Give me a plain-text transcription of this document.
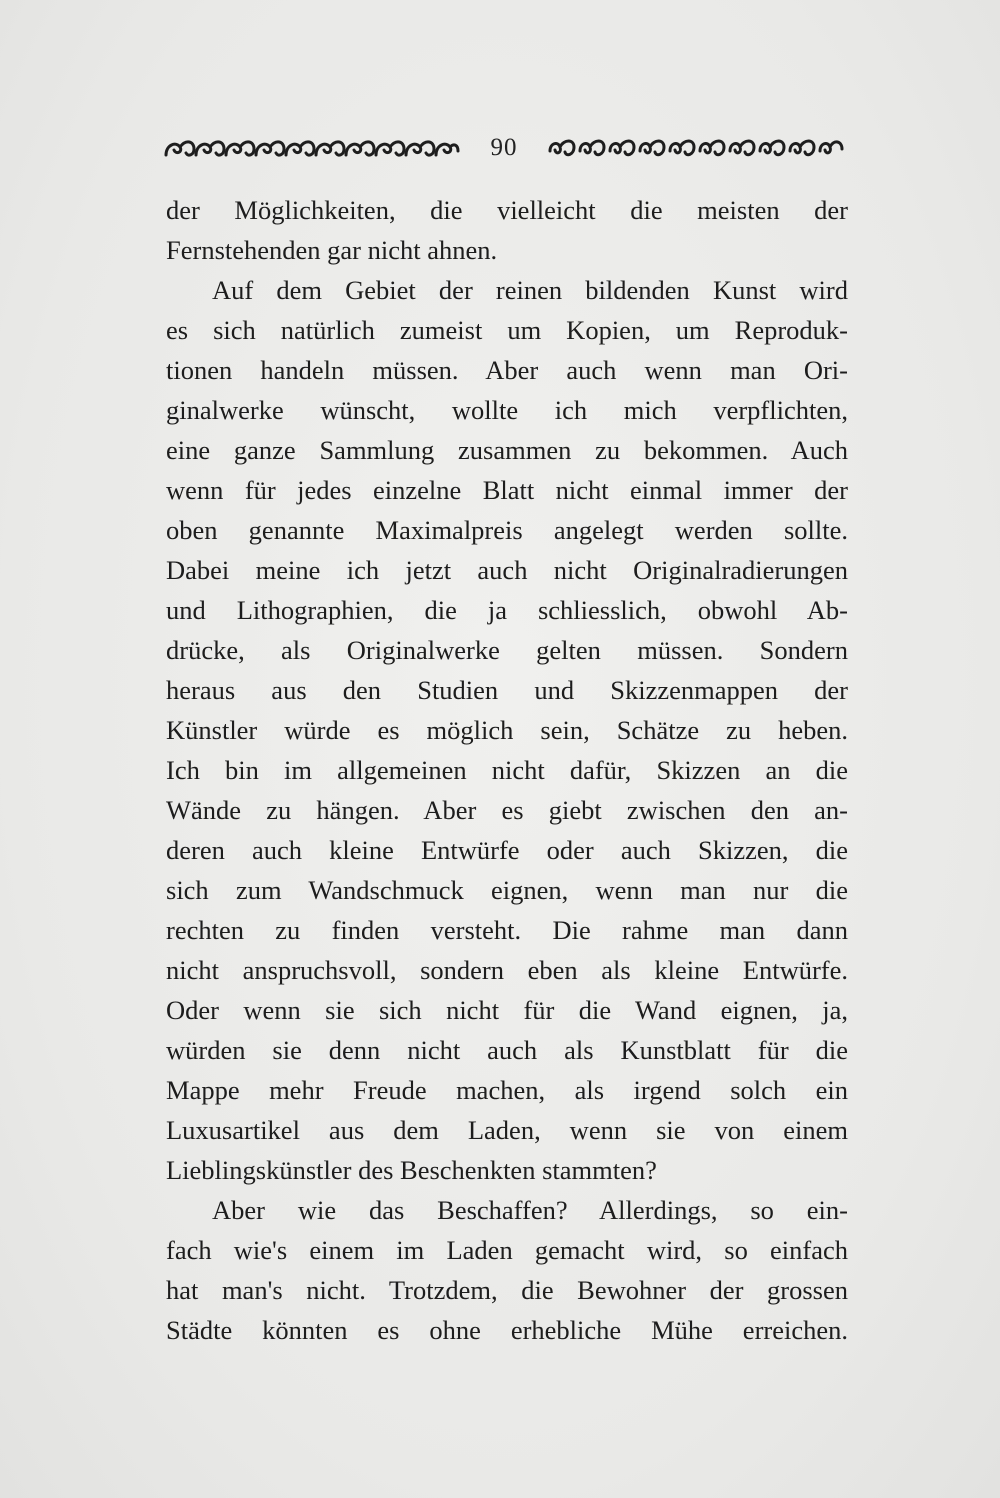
90
der Möglichkeiten, die vielleicht die meisten der
Fernstehenden gar nicht ahnen.
Auf dem Gebiet der reinen bildenden Kunst wird
es sich natürlich zumeist um Kopien, um Reproduk-
tionen handeln müssen. Aber auch wenn man Ori-
ginalwerke wünscht, wollte ich mich verpflichten,
eine ganze Sammlung zusammen zu bekommen. Auch
wenn für jedes einzelne Blatt nicht einmal immer der
oben genannte Maximalpreis angelegt werden sollte.
Dabei meine ich jetzt auch nicht Originalradierungen
und Lithographien, die ja schliesslich, obwohl Ab-
drücke, als Originalwerke gelten müssen. Sondern
heraus aus den Studien und Skizzenmappen der
Künstler würde es möglich sein, Schätze zu heben.
Ich bin im allgemeinen nicht dafür, Skizzen an die
Wände zu hängen. Aber es giebt zwischen den an-
deren auch kleine Entwürfe oder auch Skizzen, die
sich zum Wandschmuck eignen, wenn man nur die
rechten zu finden versteht. Die rahme man dann
nicht anspruchsvoll, sondern eben als kleine Entwürfe.
Oder wenn sie sich nicht für die Wand eignen, ja,
würden sie denn nicht auch als Kunstblatt für die
Mappe mehr Freude machen, als irgend solch ein
Luxusartikel aus dem Laden, wenn sie von einem
Lieblingskünstler des Beschenkten stammten?
Aber wie das Beschaffen? Allerdings, so ein-
fach wie's einem im Laden gemacht wird, so einfach
hat man's nicht. Trotzdem, die Bewohner der grossen
Städte könnten es ohne erhebliche Mühe erreichen.
